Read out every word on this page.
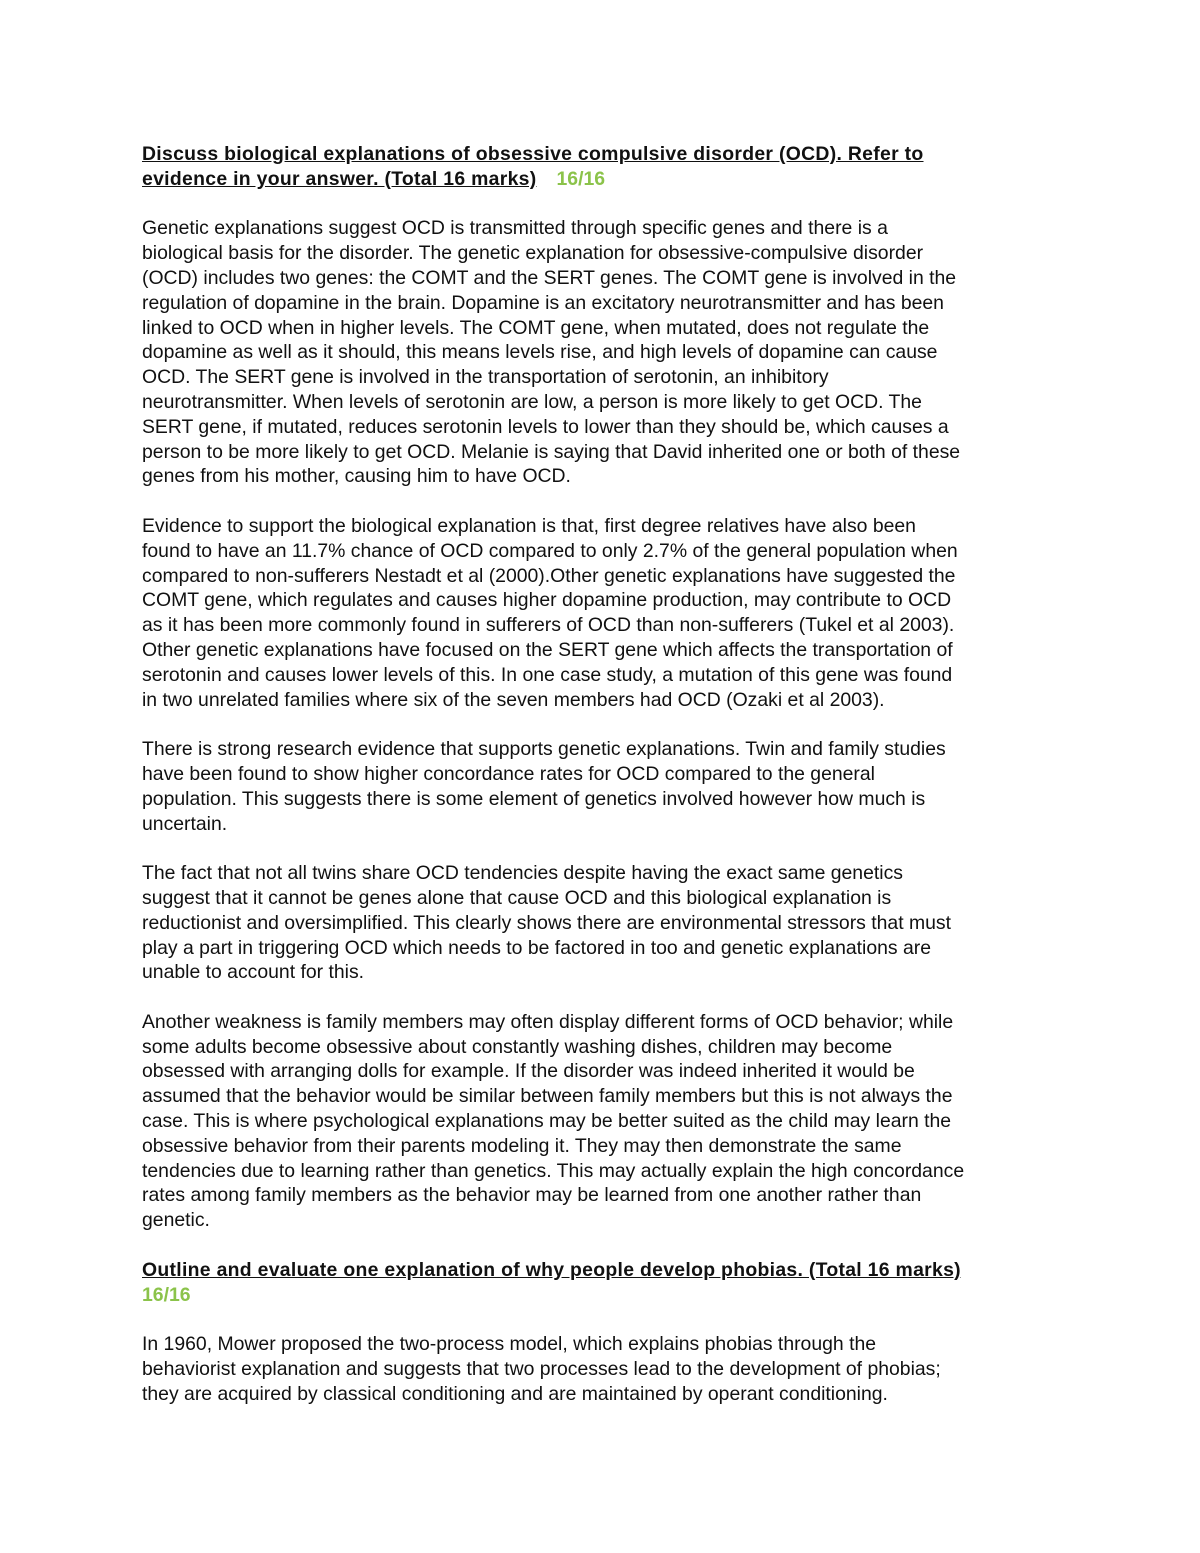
Discuss biological explanations of obsessive compulsive disorder (OCD). Refer to
evidence in your answer. (Total 16 marks) 16/16
Genetic explanations suggest OCD is transmitted through specific genes and there is a
biological basis for the disorder. The genetic explanation for obsessive-compulsive disorder
(OCD) includes two genes: the COMT and the SERT genes. The COMT gene is involved in the
regulation of dopamine in the brain. Dopamine is an excitatory neurotransmitter and has been
linked to OCD when in higher levels. The COMT gene, when mutated, does not regulate the
dopamine as well as it should, this means levels rise, and high levels of dopamine can cause
OCD. The SERT gene is involved in the transportation of serotonin, an inhibitory
neurotransmitter. When levels of serotonin are low, a person is more likely to get OCD. The
SERT gene, if mutated, reduces serotonin levels to lower than they should be, which causes a
person to be more likely to get OCD. Melanie is saying that David inherited one or both of these
genes from his mother, causing him to have OCD.
Evidence to support the biological explanation is that, first degree relatives have also been
found to have an 11.7% chance of OCD compared to only 2.7% of the general population when
compared to non-sufferers Nestadt et al (2000).Other genetic explanations have suggested the
COMT gene, which regulates and causes higher dopamine production, may contribute to OCD
as it has been more commonly found in sufferers of OCD than non-sufferers (Tukel et al 2003).
Other genetic explanations have focused on the SERT gene which affects the transportation of
serotonin and causes lower levels of this. In one case study, a mutation of this gene was found
in two unrelated families where six of the seven members had OCD (Ozaki et al 2003).
There is strong research evidence that supports genetic explanations. Twin and family studies
have been found to show higher concordance rates for OCD compared to the general
population. This suggests there is some element of genetics involved however how much is
uncertain.
The fact that not all twins share OCD tendencies despite having the exact same genetics
suggest that it cannot be genes alone that cause OCD and this biological explanation is
reductionist and oversimplified. This clearly shows there are environmental stressors that must
play a part in triggering OCD which needs to be factored in too and genetic explanations are
unable to account for this.
Another weakness is family members may often display different forms of OCD behavior; while
some adults become obsessive about constantly washing dishes, children may become
obsessed with arranging dolls for example. If the disorder was indeed inherited it would be
assumed that the behavior would be similar between family members but this is not always the
case. This is where psychological explanations may be better suited as the child may learn the
obsessive behavior from their parents modeling it. They may then demonstrate the same
tendencies due to learning rather than genetics. This may actually explain the high concordance
rates among family members as the behavior may be learned from one another rather than
genetic.
Outline and evaluate one explanation of why people develop phobias. (Total 16 marks)
16/16
In 1960, Mower proposed the two-process model, which explains phobias through the
behaviorist explanation and suggests that two processes lead to the development of phobias;
they are acquired by classical conditioning and are maintained by operant conditioning.
